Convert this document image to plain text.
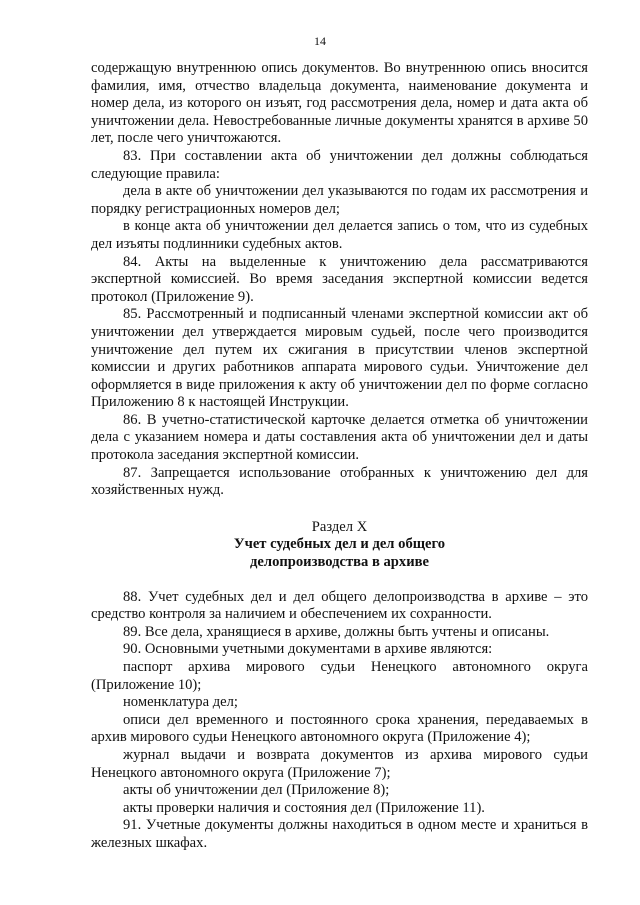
14

содержащую внутреннюю опись документов. Во внутреннюю опись вносится фамилия, имя, отчество владельца документа, наименование документа и номер дела, из которого он изъят, год рассмотрения дела, номер и дата акта об уничтожении дела. Невостребованные личные документы хранятся в архиве 50 лет, после чего уничтожаются.

83. При составлении акта об уничтожении дел должны соблюдаться следующие правила:

дела в акте об уничтожении дел указываются по годам их рассмотрения и порядку регистрационных номеров дел;

в конце акта об уничтожении дел делается запись о том, что из судебных дел изъяты подлинники судебных актов.

84. Акты на выделенные к уничтожению дела рассматриваются экспертной комиссией. Во время заседания экспертной комиссии ведется протокол (Приложение 9).

85. Рассмотренный и подписанный членами экспертной комиссии акт об уничтожении дел утверждается мировым судьей, после чего производится уничтожение дел путем их сжигания в присутствии членов экспертной комиссии и других работников аппарата мирового судьи. Уничтожение дел оформляется в виде приложения к акту об уничтожении дел по форме согласно Приложению 8 к настоящей Инструкции.

86. В учетно-статистической карточке делается отметка об уничтожении дела с указанием номера и даты составления акта об уничтожении дел и даты протокола заседания экспертной комиссии.

87. Запрещается использование отобранных к уничтожению дел для хозяйственных нужд.

Раздел X
Учет судебных дел и дел общего
делопроизводства в архиве

88. Учет судебных дел и дел общего делопроизводства в архиве – это средство контроля за наличием и обеспечением их сохранности.

89. Все дела, хранящиеся в архиве, должны быть учтены и описаны.

90. Основными учетными документами в архиве являются:

паспорт архива мирового судьи Ненецкого автономного округа (Приложение 10);

номенклатура дел;

описи дел временного и постоянного срока хранения, передаваемых в архив мирового судьи Ненецкого автономного округа (Приложение 4);

журнал выдачи и возврата документов из архива мирового судьи Ненецкого автономного округа (Приложение 7);

акты об уничтожении дел (Приложение 8);

акты проверки наличия и состояния дел (Приложение 11).

91. Учетные документы должны находиться в одном месте и храниться в железных шкафах.
